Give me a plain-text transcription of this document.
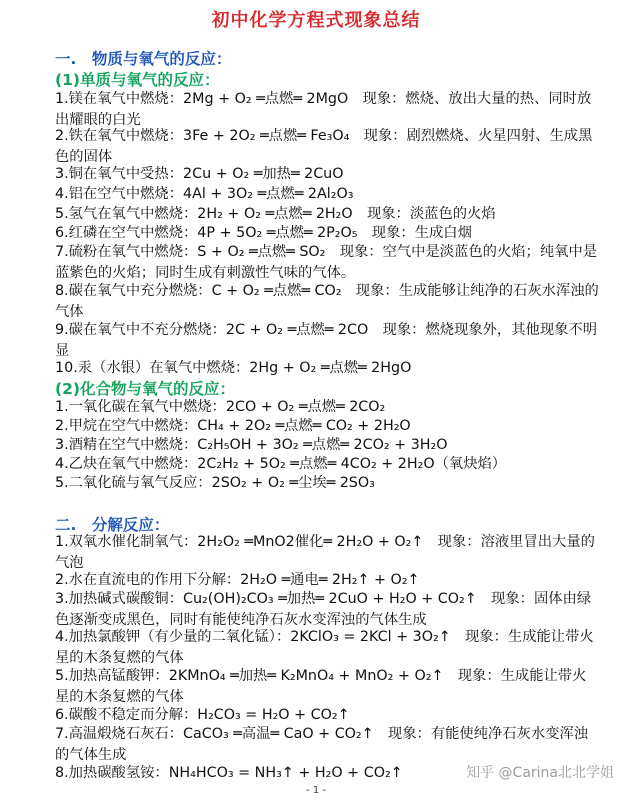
初中化学方程式现象总结
一.　物质与氧气的反应：
(1)单质与氧气的反应：
1.镁在氧气中燃烧：2Mg + O₂ ═点燃═ 2MgO　现象：燃烧、放出大量的热、同时放出耀眼的白光
2.铁在氧气中燃烧：3Fe + 2O₂ ═点燃═ Fe₃O₄　现象：剧烈燃烧、火星四射、生成黑色的固体
3.铜在氧气中受热：2Cu + O₂ ═加热═ 2CuO
4.铝在空气中燃烧：4Al + 3O₂ ═点燃═ 2Al₂O₃
5.氢气在氧气中燃烧：2H₂ + O₂ ═点燃═ 2H₂O　现象：淡蓝色的火焰
6.红磷在空气中燃烧：4P + 5O₂ ═点燃═ 2P₂O₅　现象：生成白烟
7.硫粉在氧气中燃烧：S + O₂ ═点燃═ SO₂　现象：空气中是淡蓝色的火焰；纯氧中是蓝紫色的火焰；同时生成有刺激性气味的气体。
8.碳在氧气中充分燃烧：C + O₂ ═点燃═ CO₂　现象：生成能够让纯净的石灰水浑浊的气体
9.碳在氧气中不充分燃烧：2C + O₂ ═点燃═ 2CO　现象：燃烧现象外，其他现象不明显
10.汞（水银）在氧气中燃烧：2Hg + O₂ ═点燃═ 2HgO
(2)化合物与氧气的反应：
1.一氧化碳在氧气中燃烧：2CO + O₂ ═点燃═ 2CO₂
2.甲烷在空气中燃烧：CH₄ + 2O₂ ═点燃═ CO₂ + 2H₂O
3.酒精在空气中燃烧：C₂H₅OH + 3O₂ ═点燃═ 2CO₂ + 3H₂O
4.乙炔在氧气中燃烧：2C₂H₂ + 5O₂ ═点燃═ 4CO₂ + 2H₂O（氧炔焰）
5.二氧化硫与氧气反应：2SO₂ + O₂ ═尘埃═ 2SO₃
二.　分解反应：
1.双氧水催化制氧气：2H₂O₂ ═MnO2催化═ 2H₂O + O₂↑　现象：溶液里冒出大量的气泡
2.水在直流电的作用下分解：2H₂O ═通电═ 2H₂↑ + O₂↑
3.加热碱式碳酸铜：Cu₂(OH)₂CO₃ ═加热═ 2CuO + H₂O + CO₂↑　现象：固体由绿色逐渐变成黑色，同时有能使纯净石灰水变浑浊的气体生成
4.加热氯酸钾（有少量的二氧化锰）：2KClO₃ = 2KCl + 3O₂↑　现象：生成能让带火星的木条复燃的气体
5.加热高锰酸钾：2KMnO₄ ═加热═ K₂MnO₄ + MnO₂ + O₂↑　现象：生成能让带火星的木条复燃的气体
6.碳酸不稳定而分解：H₂CO₃ = H₂O + CO₂↑
7.高温煅烧石灰石：CaCO₃ ═高温═ CaO + CO₂↑　现象：有能使纯净石灰水变浑浊的气体生成
8.加热碳酸氢铵：NH₄HCO₃ = NH₃↑ + H₂O + CO₂↑	知乎 @Carina北北学姐
- 1 -
